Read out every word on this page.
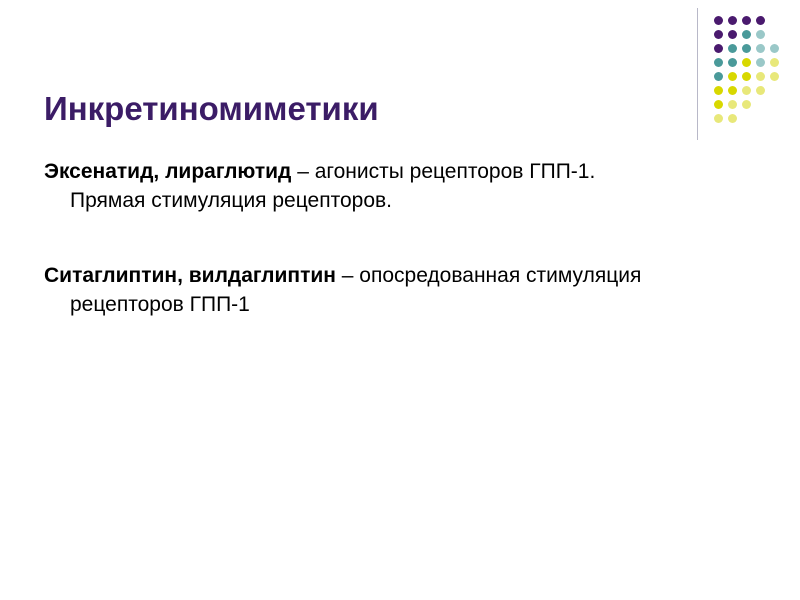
Инкретиномиметики

Эксенатид, лираглютид – агонисты рецепторов ГПП-1. Прямая стимуляция рецепторов.

Ситаглиптин, вилдаглиптин – опосредованная стимуляция рецепторов ГПП-1
